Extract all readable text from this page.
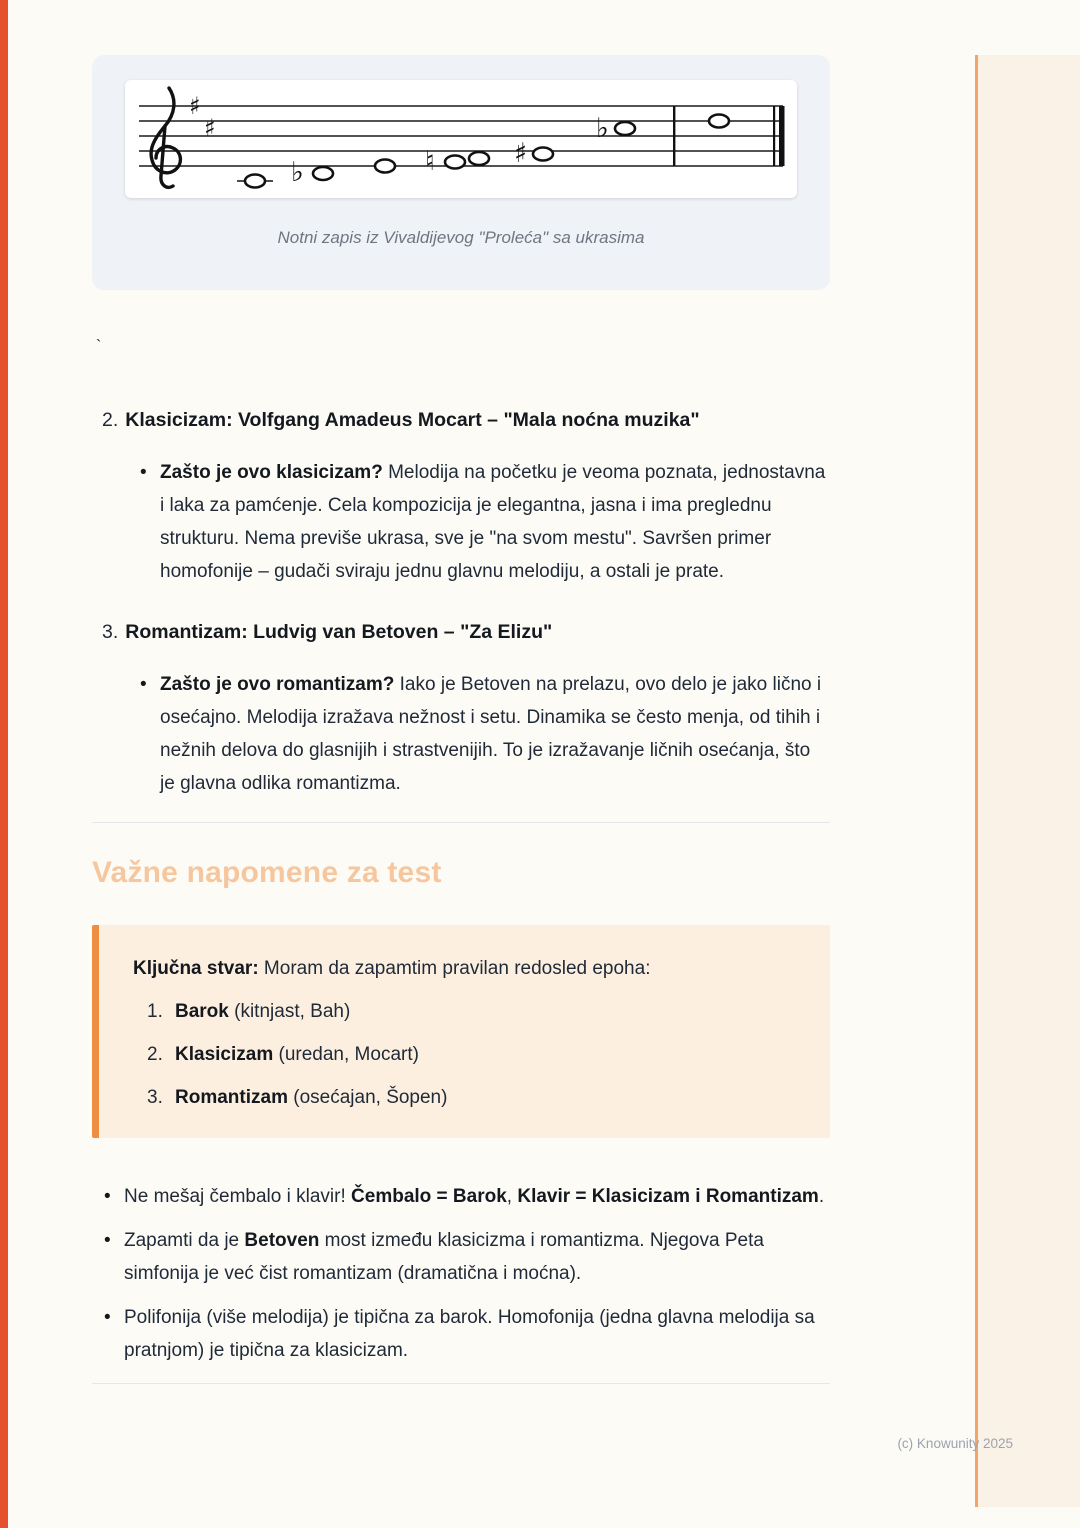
♯
♯
♭	♮	♯
♭
Notni zapis iz Vivaldijevog "Proleća" sa ukrasima
`
2. Klasicizam: Volfgang Amadeus Mocart – "Mala noćna muzika"
• Zašto je ovo klasicizam? Melodija na početku je veoma poznata, jednostavna i laka za pamćenje. Cela kompozicija je elegantna, jasna i ima preglednu strukturu. Nema previše ukrasa, sve je "na svom mestu". Savršen primer homofonije – gudači sviraju jednu glavnu melodiju, a ostali je prate.

3. Romantizam: Ludvig van Betoven – "Za Elizu"
• Zašto je ovo romantizam? Iako je Betoven na prelazu, ovo delo je jako lično i osećajno. Melodija izražava nežnost i setu. Dinamika se često menja, od tihih i nežnih delova do glasnijih i strastvenijih. To je izražavanje ličnih osećanja, što je glavna odlika romantizma.

Važne napomene za test

Ključna stvar: Moram da zapamtim pravilan redosled epoha:

1. Barok (kitnjast, Bah)

2. Klasicizam (uredan, Mocart)

3. Romantizam (osećajan, Šopen)

• Ne mešaj čembalo i klavir! Čembalo = Barok, Klavir = Klasicizam i Romantizam.

• Zapamti da je Betoven most između klasicizma i romantizma. Njegova Peta simfonija je već čist romantizam (dramatična i moćna).

• Polifonija (više melodija) je tipična za barok. Homofonija (jedna glavna melodija sa pratnjom) je tipična za klasicizam.

(c) Knowunity 2025
